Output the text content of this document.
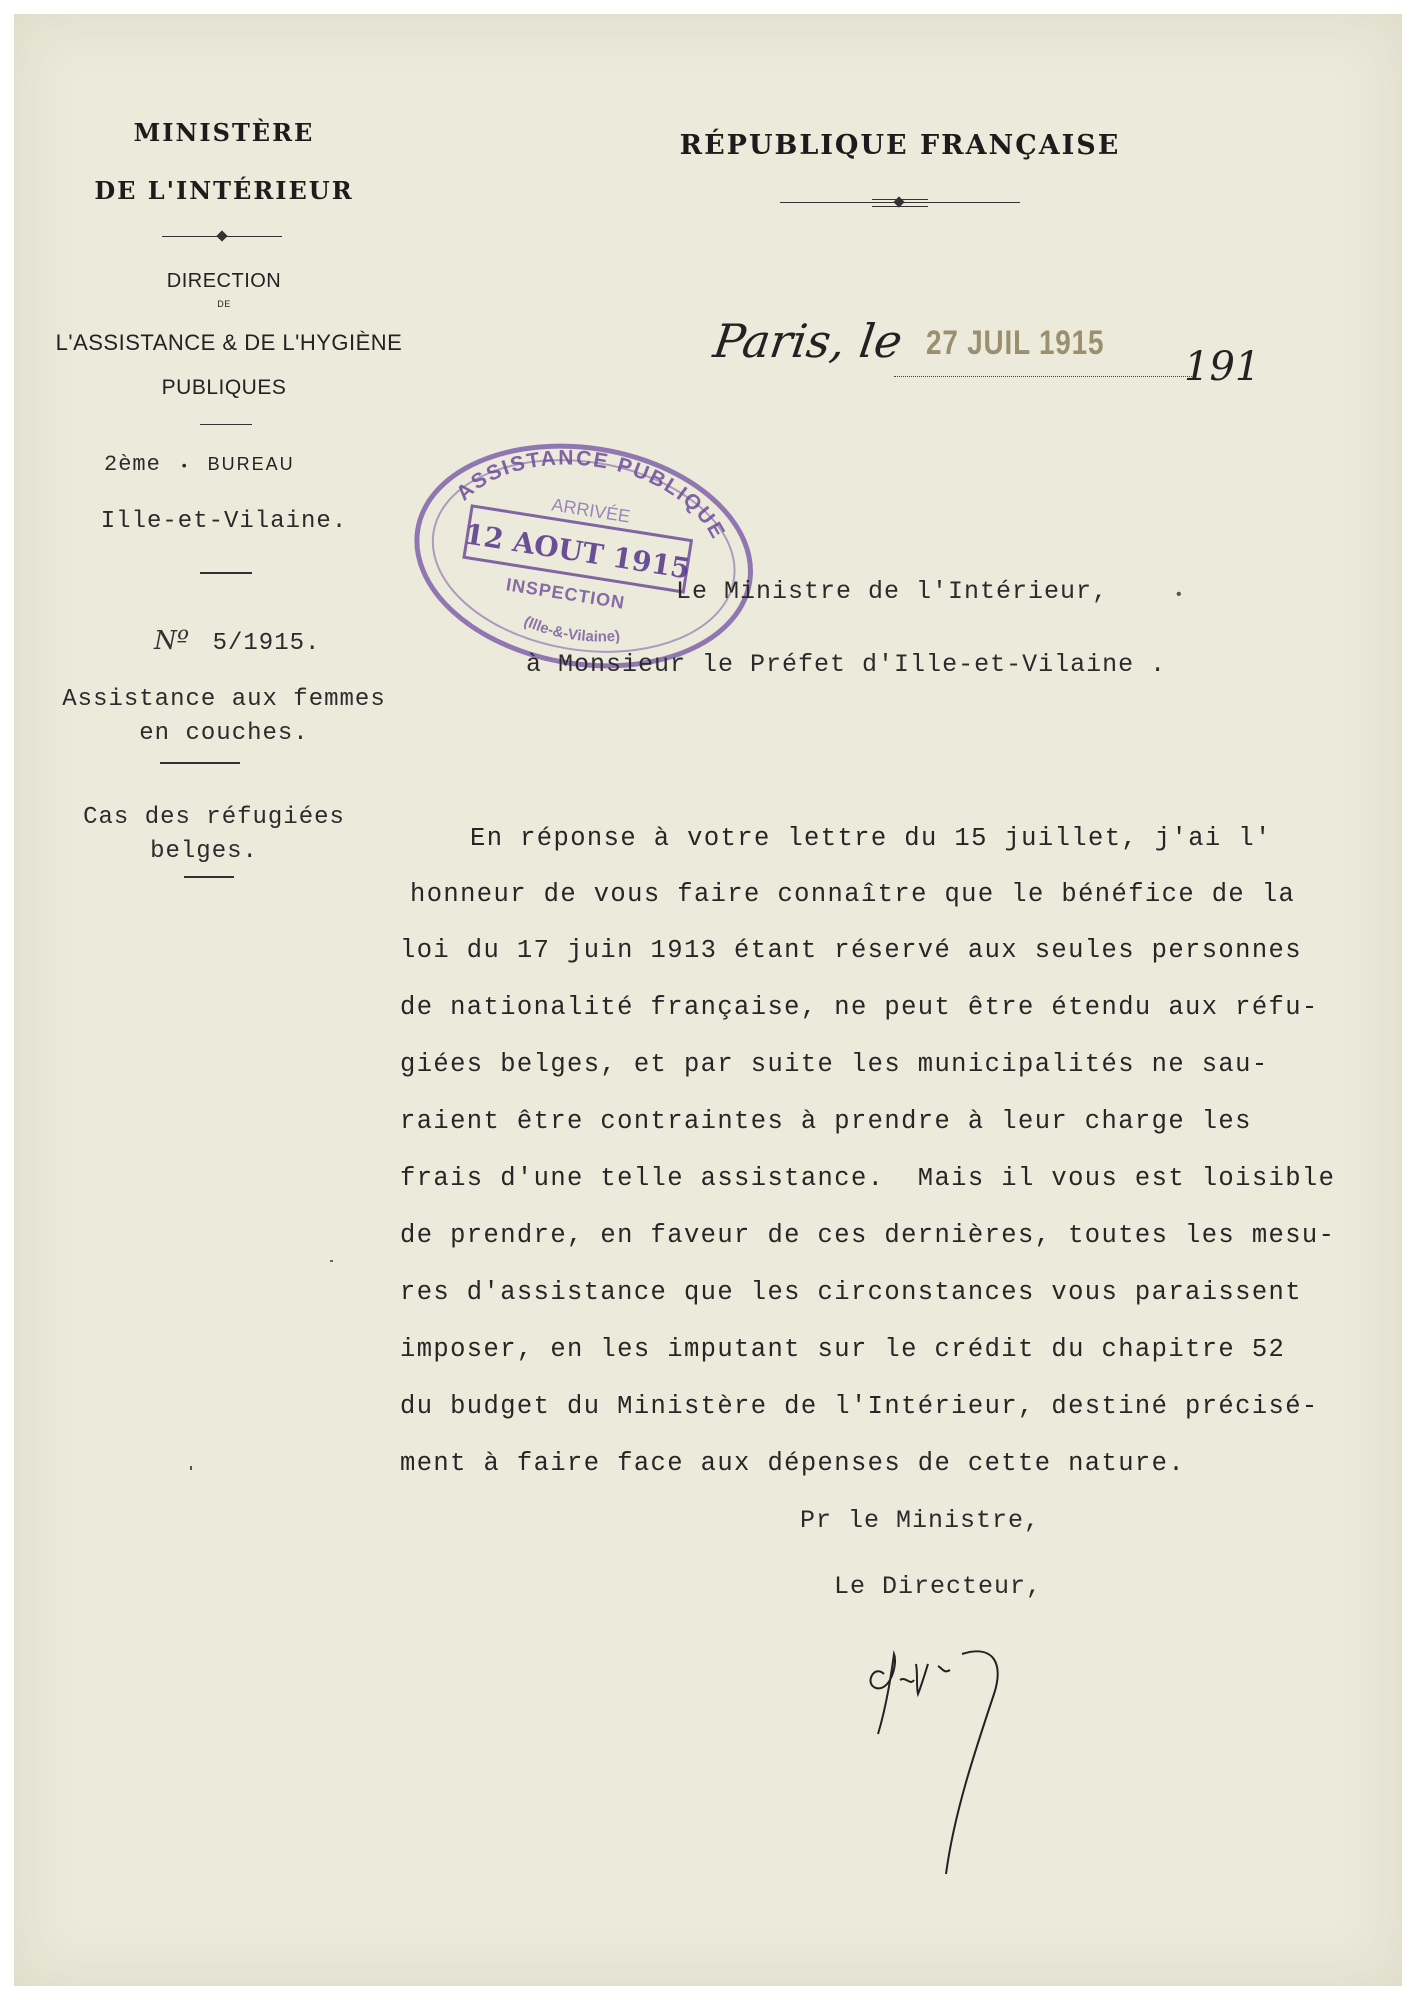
MINISTÈRE
DE L'INTÉRIEUR
DIRECTION
DE
L'ASSISTANCE & DE L'HYGIÈNE
PUBLIQUES
2ème • BUREAU
Ille-et-Vilaine.
Nº 5/1915.
Assistance aux femmes
en couches.
Cas des réfugiées
belges.
RÉPUBLIQUE FRANÇAISE
Paris, le 27 JUIL 1915
191
ASSISTANCE PUBLIQUE
ARRIVÉE
12 AOUT 1915
INSPECTION
(Ille-&-Vilaine)
Le Ministre de l'Intérieur,	•
à Monsieur le Préfet d'Ille-et-Vilaine .
En réponse à votre lettre du 15 juillet, j'ai l'
honneur de vous faire connaître que le bénéfice de la
loi du 17 juin 1913 étant réservé aux seules personnes
de nationalité française, ne peut être étendu aux réfu-
giées belges, et par suite les municipalités ne sau-
raient être contraintes à prendre à leur charge les
frais d'une telle assistance.  Mais il vous est loisible
de prendre, en faveur de ces dernières, toutes les mesu-
res d'assistance que les circonstances vous paraissent
imposer, en les imputant sur le crédit du chapitre 52
du budget du Ministère de l'Intérieur, destiné précisé-
ment à faire face aux dépenses de cette nature.
Pr le Ministre,
Le Directeur,
